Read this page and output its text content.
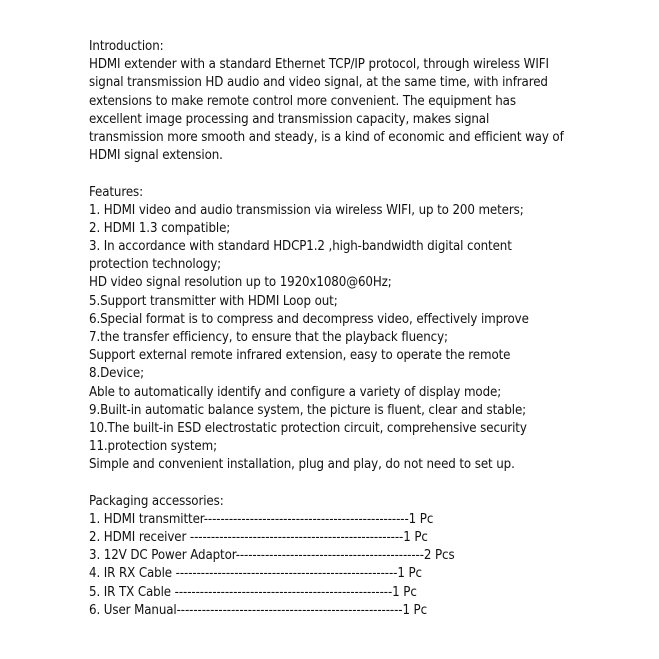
Introduction:
HDMI extender with a standard Ethernet TCP/IP protocol, through wireless WIFI
signal transmission HD audio and video signal, at the same time, with infrared
extensions to make remote control more convenient. The equipment has
excellent image processing and transmission capacity, makes signal
transmission more smooth and steady, is a kind of economic and efficient way of
HDMI signal extension.
Features:
1. HDMI video and audio transmission via wireless WIFI, up to 200 meters;
2. HDMI 1.3 compatible;
3. In accordance with standard HDCP1.2 ,high-bandwidth digital content
protection technology;
HD video signal resolution up to 1920x1080@60Hz;
5.Support transmitter with HDMI Loop out;
6.Special format is to compress and decompress video, effectively improve
7.the transfer efficiency, to ensure that the playback fluency;
Support external remote infrared extension, easy to operate the remote
8.Device;
Able to automatically identify and configure a variety of display mode;
9.Built-in automatic balance system, the picture is fluent, clear and stable;
10.The built-in ESD electrostatic protection circuit, comprehensive security
11.protection system;
Simple and convenient installation, plug and play, do not need to set up.
Packaging accessories:
1. HDMI transmitter-------------------------------------------------1 Pc
2. HDMI receiver ---------------------------------------------------1 Pc
3. 12V DC Power Adaptor---------------------------------------------2 Pcs
4. IR RX Cable -----------------------------------------------------1 Pc
5. IR TX Cable ----------------------------------------------------1 Pc
6. User Manual------------------------------------------------------1 Pc
